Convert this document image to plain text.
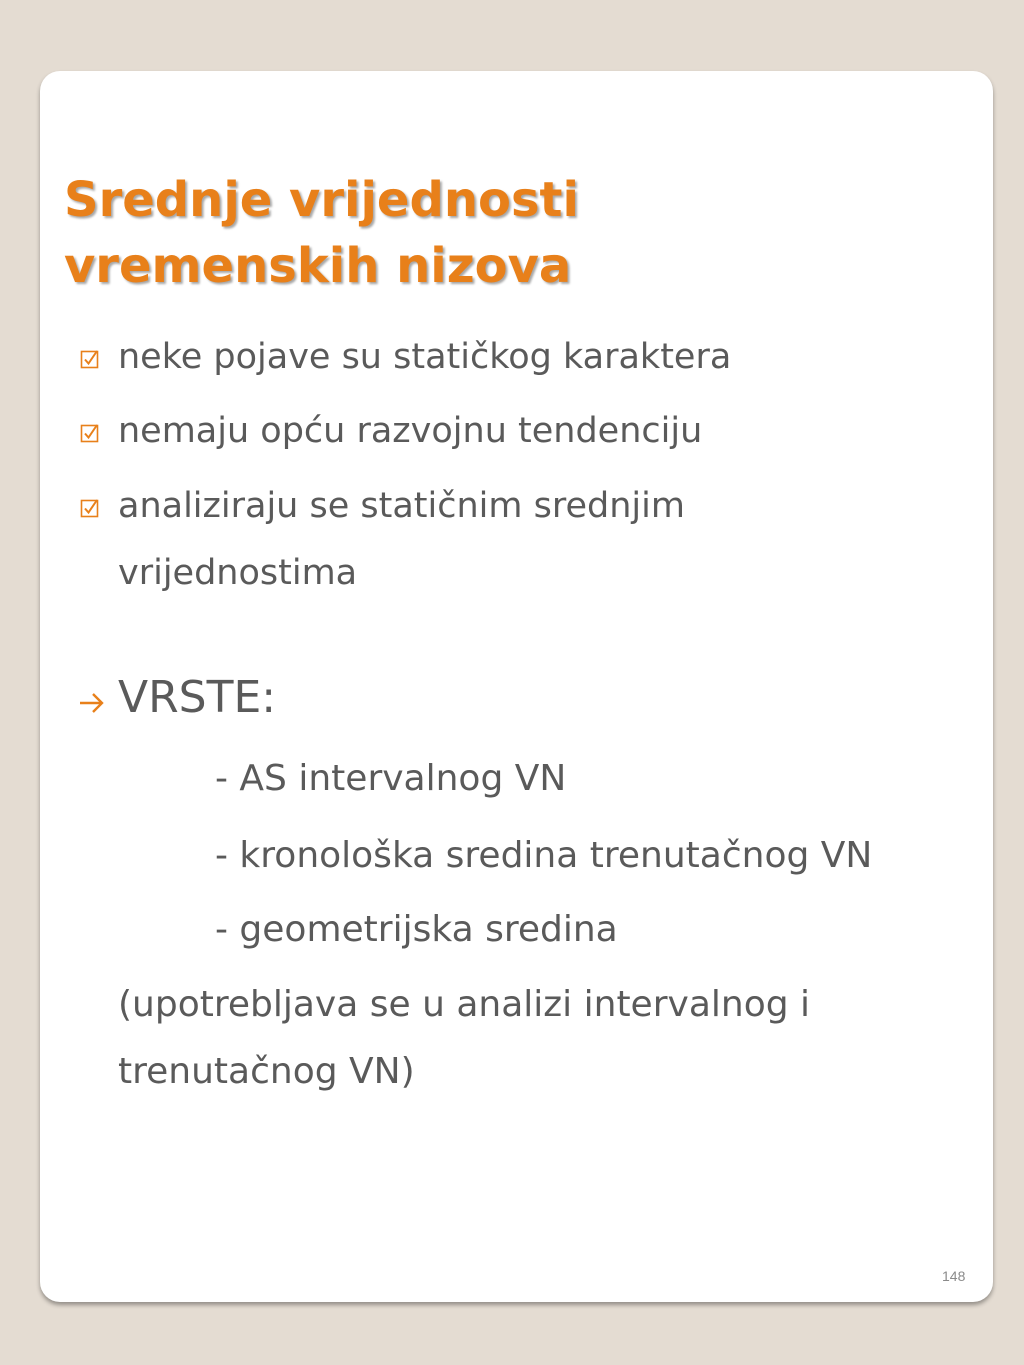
Srednje vrijednosti
vremenskih nizova
neke pojave su statičkog karaktera
nemaju opću razvojnu tendenciju
analiziraju se statičnim srednjim
vrijednostima
VRSTE:
- AS intervalnog VN
- kronološka sredina trenutačnog VN
- geometrijska sredina
(upotrebljava se u analizi intervalnog i
trenutačnog VN)
148
